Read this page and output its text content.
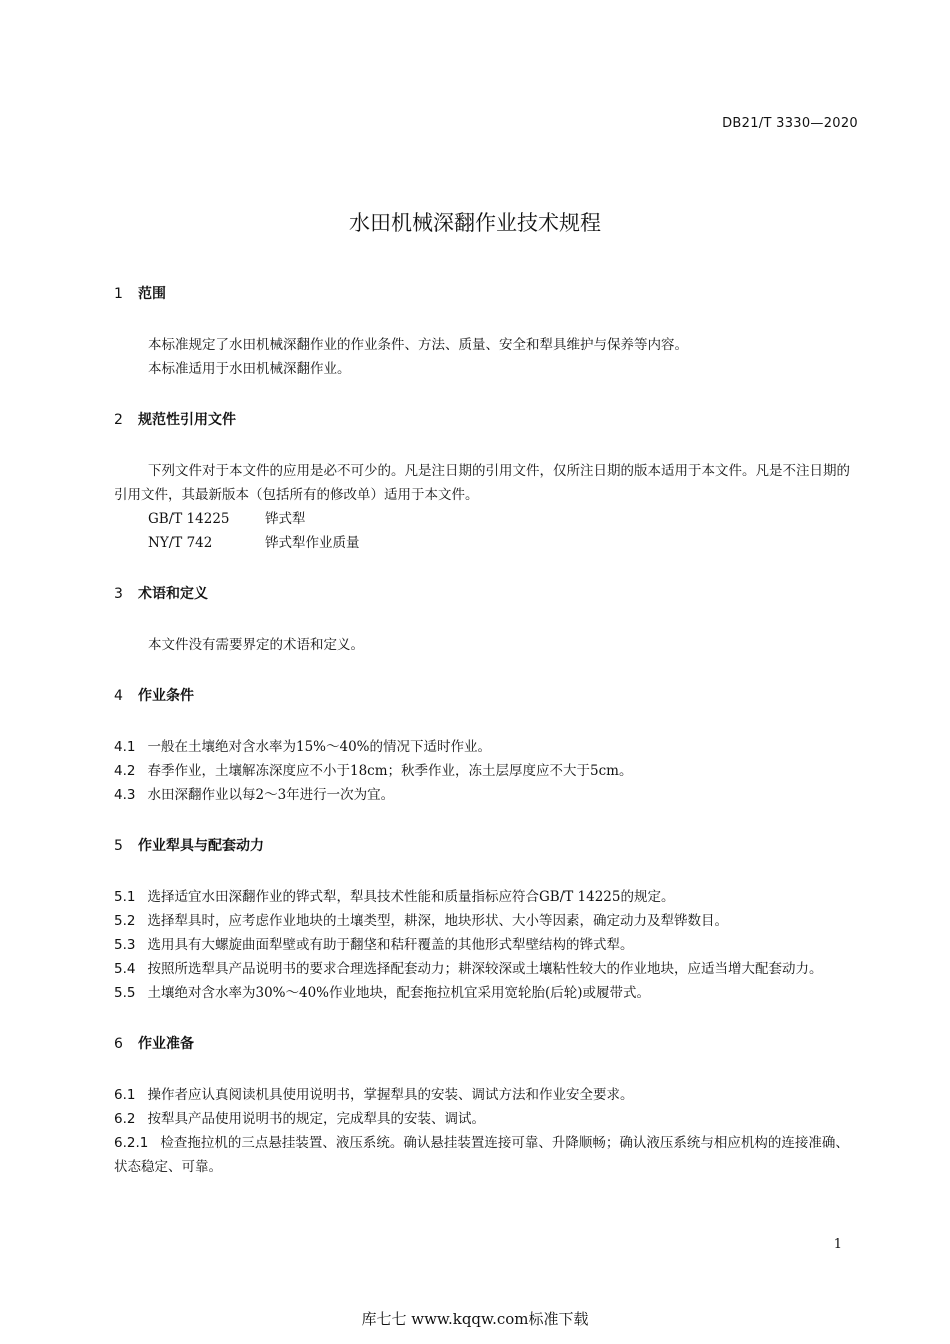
DB21/T 3330—2020
水田机械深翻作业技术规程
1	范围

本标准规定了水田机械深翻作业的作业条件、方法、质量、安全和犁具维护与保养等内容。

本标准适用于水田机械深翻作业。

2	规范性引用文件

下列文件对于本文件的应用是必不可少的。凡是注日期的引用文件，仅所注日期的版本适用于本文件。凡是不注日期的引用文件，其最新版本（包括所有的修改单）适用于本文件。

GB/T 14225	铧式犁
NY/T 742	铧式犁作业质量
3	术语和定义

本文件没有需要界定的术语和定义。

4	作业条件

4.1 一般在土壤绝对含水率为15%～40%的情况下适时作业。

4.2 春季作业，土壤解冻深度应不小于18cm；秋季作业，冻土层厚度应不大于5cm。

4.3 水田深翻作业以每2～3年进行一次为宜。

5	作业犁具与配套动力

5.1 选择适宜水田深翻作业的铧式犁，犁具技术性能和质量指标应符合GB/T 14225的规定。

5.2 选择犁具时，应考虑作业地块的土壤类型，耕深，地块形状、大小等因素，确定动力及犁铧数目。

5.3 选用具有大螺旋曲面犁壁或有助于翻垡和秸秆覆盖的其他形式犁壁结构的铧式犁。

5.4 按照所选犁具产品说明书的要求合理选择配套动力；耕深较深或土壤粘性较大的作业地块，应适当增大配套动力。

5.5 土壤绝对含水率为30%～40%作业地块，配套拖拉机宜采用宽轮胎(后轮)或履带式。

6	作业准备

6.1 操作者应认真阅读机具使用说明书，掌握犁具的安装、调试方法和作业安全要求。

6.2 按犁具产品使用说明书的规定，完成犁具的安装、调试。

6.2.1 检查拖拉机的三点悬挂装置、液压系统。确认悬挂装置连接可靠、升降顺畅；确认液压系统与相应机构的连接准确、状态稳定、可靠。

1
库七七 www.kqqw.com标准下载
